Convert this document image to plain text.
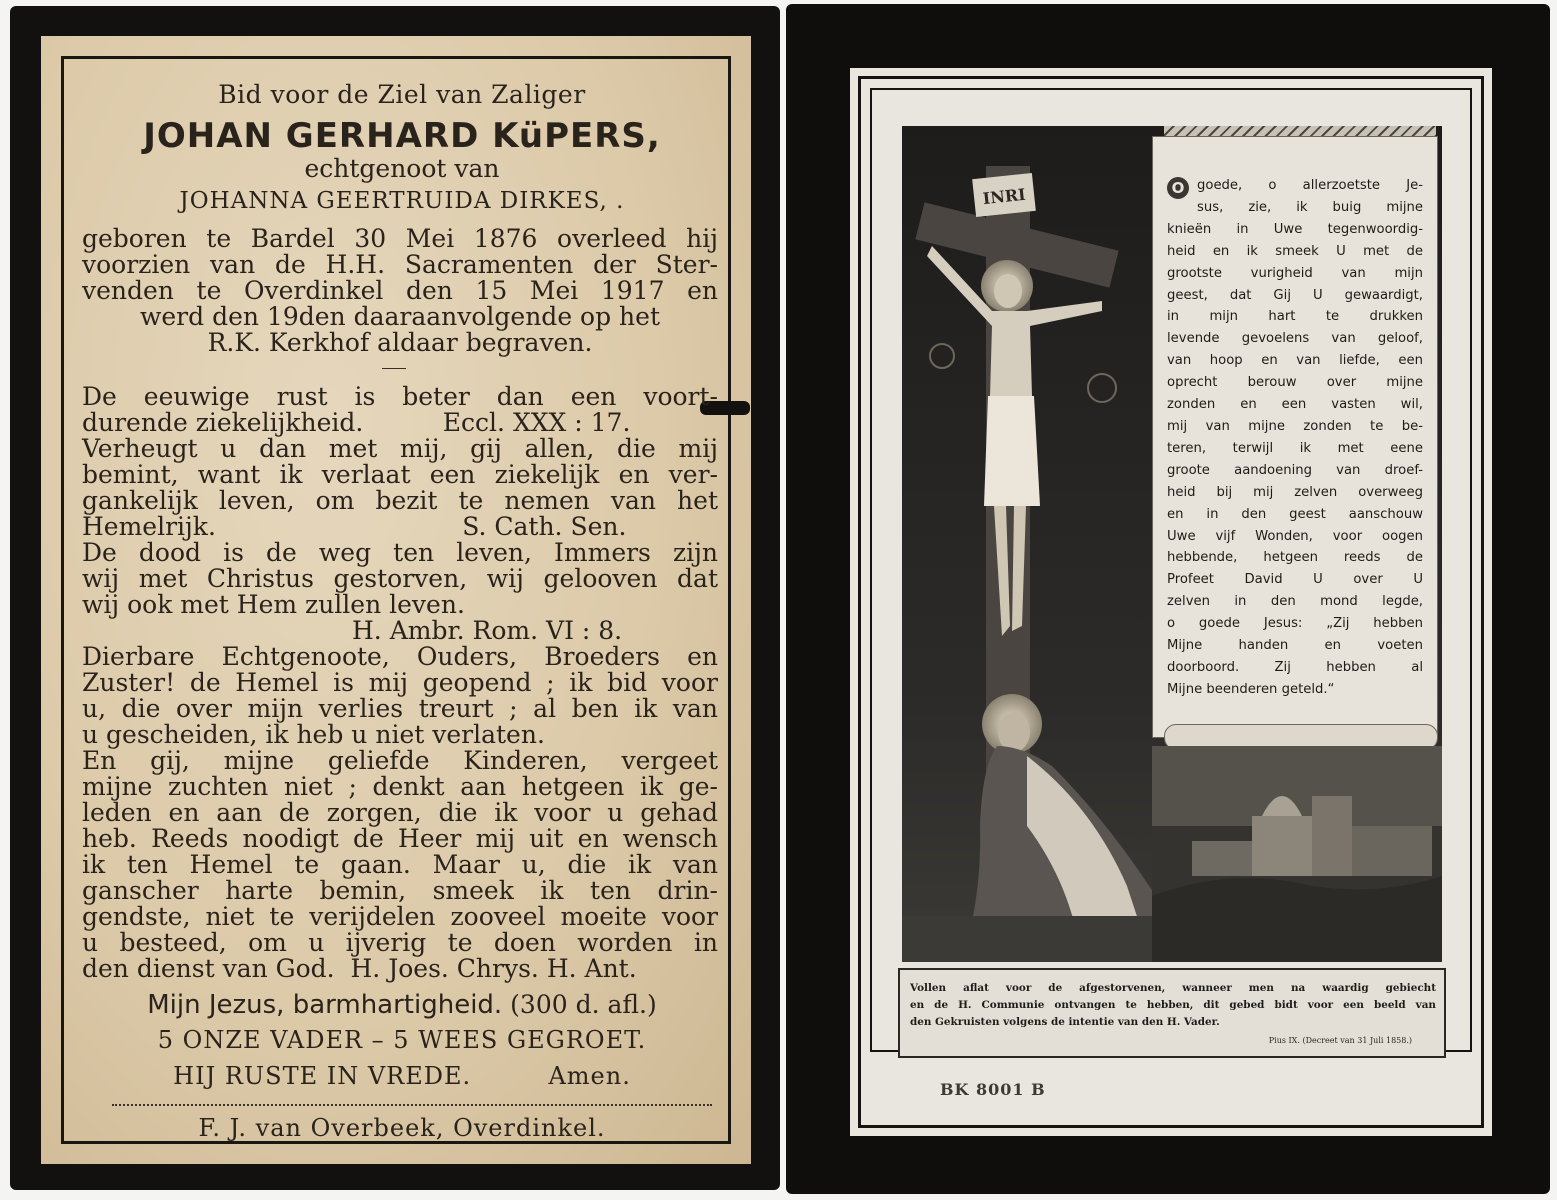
Bid voor de Ziel van Zaliger
JOHAN GERHARD KüPERS,
echtgenoot van
JOHANNA GEERTRUIDA DIRKES, .
geboren te Bardel 30 Mei 1876 overleed hij
voorzien van de H.H. Sacramenten der Ster-
venden te Overdinkel den 15 Mei 1917 en
werd den 19den daaraanvolgende op het
R.K. Kerkhof aldaar begraven.
De eeuwige rust is beter dan een voort-
durende ziekelijkheid.          Eccl. XXX : 17.
Verheugt u dan met mij, gij allen, die mij
bemint, want ik verlaat een ziekelijk en ver-
gankelijk leven, om bezit te nemen van het
Hemelrijk.                               S. Cath. Sen.
De dood is de weg ten leven, Immers zijn
wij met Christus gestorven, wij gelooven dat
wij ook met Hem zullen leven.
H. Ambr. Rom. VI : 8.
Dierbare Echtgenoote, Ouders, Broeders en
Zuster! de Hemel is mij geopend ; ik bid voor
u, die over mijn verlies treurt ; al ben ik van
u gescheiden, ik heb u niet verlaten.
En gij, mijne geliefde Kinderen, vergeet
mijne zuchten niet ; denkt aan hetgeen ik ge-
leden en aan de zorgen, die ik voor u gehad
heb. Reeds noodigt de Heer mij uit en wensch
ik ten Hemel te gaan. Maar u, die ik van
ganscher harte bemin, smeek ik ten drin-
gendste, niet te verijdelen zooveel moeite voor
u besteed, om u ijverig te doen worden in
den dienst van God.  H. Joes. Chrys. H. Ant.
Mijn Jezus, barmhartigheid. (300 d. afl.)
5 ONZE VADER – 5 WEES GEGROET.
HIJ RUSTE IN VREDE.	Amen.
F. J. van Overbeek, Overdinkel.
INRI	O goede, o allerzoetste Je-
sus, zie, ik buig mijne
knieën in Uwe tegenwoordig-
heid en ik smeek U met de
grootste vurigheid van mijn
geest, dat Gij U gewaardigt,
in mijn hart te drukken
levende gevoelens van geloof,
van hoop en van liefde, een
oprecht berouw over mijne
zonden en een vasten wil,
mij van mijne zonden te be-
teren, terwijl ik met eene
groote aandoening van droef-
heid bij mij zelven overweeg
en in den geest aanschouw
Uwe vijf Wonden, voor oogen
hebbende, hetgeen reeds de
Profeet David U over U
zelven in den mond legde,
o goede Jesus: „Zij hebben
Mijne handen en voeten
doorboord. Zij hebben al
Mijne beenderen geteld.“
Vollen aflat voor de afgestorvenen, wanneer men na waardig gebiecht
en de H. Communie ontvangen te hebben, dit gebed bidt voor een beeld van
den Gekruisten volgens de intentie van den H. Vader.
Pius IX. (Decreet van 31 Juli 1858.)
BK 8001 B
